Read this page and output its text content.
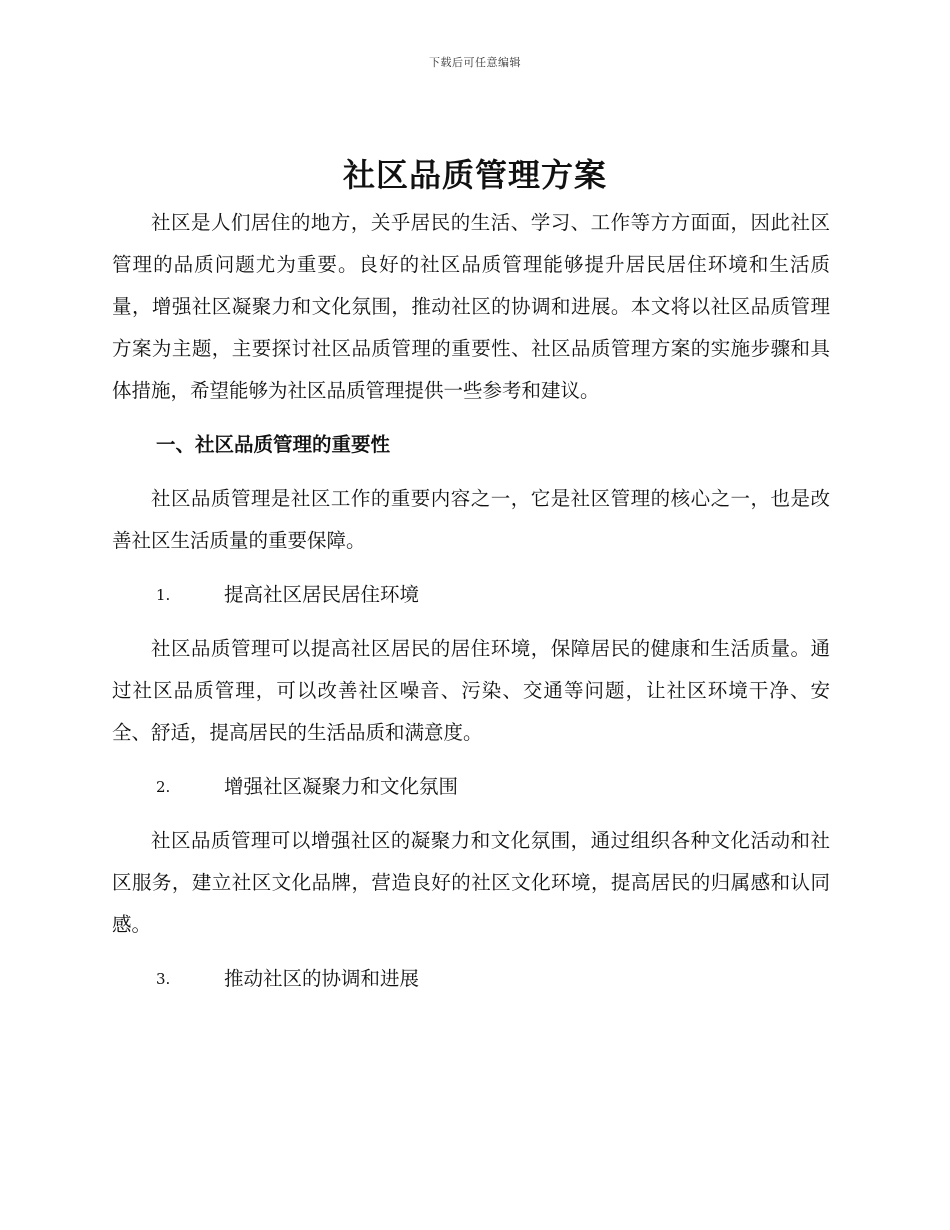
下载后可任意编辑
社区品质管理方案

社区是人们居住的地方，关乎居民的生活、学习、工作等方方面面，因此社区管理的品质问题尤为重要。良好的社区品质管理能够提升居民居住环境和生活质量，增强社区凝聚力和文化氛围，推动社区的协调和进展。本文将以社区品质管理方案为主题，主要探讨社区品质管理的重要性、社区品质管理方案的实施步骤和具体措施，希望能够为社区品质管理提供一些参考和建议。

一、社区品质管理的重要性

社区品质管理是社区工作的重要内容之一，它是社区管理的核心之一，也是改善社区生活质量的重要保障。

1.	提高社区居民居住环境

社区品质管理可以提高社区居民的居住环境，保障居民的健康和生活质量。通过社区品质管理，可以改善社区噪音、污染、交通等问题，让社区环境干净、安全、舒适，提高居民的生活品质和满意度。

2.	增强社区凝聚力和文化氛围

社区品质管理可以增强社区的凝聚力和文化氛围，通过组织各种文化活动和社区服务，建立社区文化品牌，营造良好的社区文化环境，提高居民的归属感和认同感。

3.	推动社区的协调和进展
